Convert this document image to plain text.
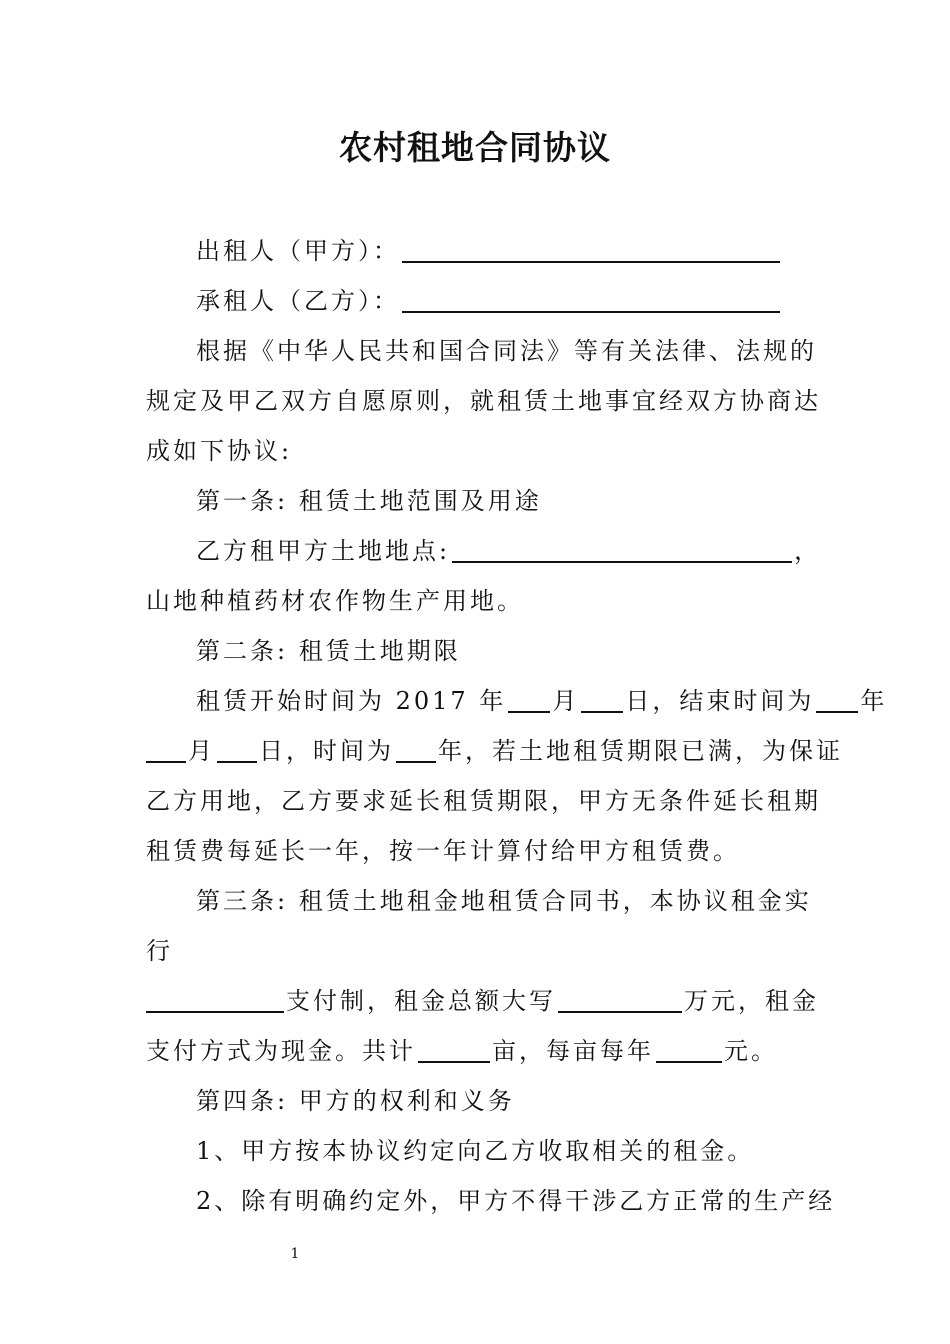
农村租地合同协议
出租人（甲方）：
承租人（乙方）：
根据《中华人民共和国合同法》等有关法律、法规的
规定及甲乙双方自愿原则，就租赁土地事宜经双方协商达
成如下协议:
第一条: 租赁土地范围及用途
乙方租甲方土地地点:	，
山地种植药材农作物生产用地。
第二条: 租赁土地期限
租赁开始时间为 2017 年 月 日，结束时间为 年
月 日，时间为 年，若土地租赁期限已满，为保证
乙方用地，乙方要求延长租赁期限，甲方无条件延长租期
租赁费每延长一年，按一年计算付给甲方租赁费。
第三条: 租赁土地租金地租赁合同书，本协议租金实
行
支付制，租金总额大写	万元，租金
支付方式为现金。共计	亩，每亩每年	元。
第四条: 甲方的权利和义务
1、甲方按本协议约定向乙方收取相关的租金。
2、除有明确约定外，甲方不得干涉乙方正常的生产经
1
